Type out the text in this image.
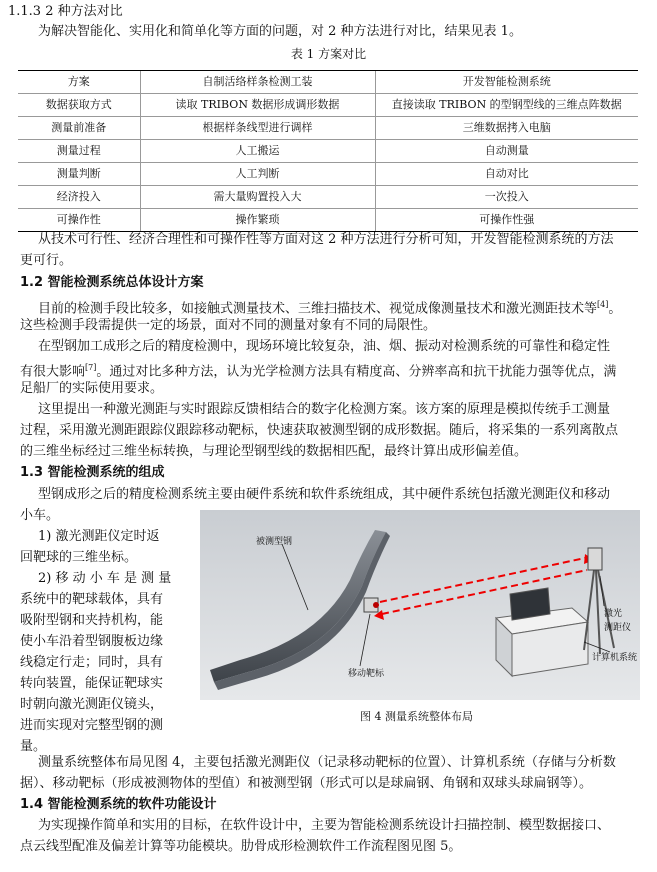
1.1.3 2 种方法对比
为解决智能化、实用化和简单化等方面的问题，对 2 种方法进行对比，结果见表 1。
表 1 方案对比
方案	自制活络样条检测工装	开发智能检测系统
数据获取方式	读取 TRIBON 数据形成调形数据	直接读取 TRIBON 的型钢型线的三维点阵数据
测量前准备	根据样条线型进行调样	三维数据拷入电脑
测量过程	人工搬运	自动测量
测量判断	人工判断	自动对比
经济投入	需大量购置投入大	一次投入
可操作性	操作繁琐	可操作性强
从技术可行性、经济合理性和可操作性等方面对这 2 种方法进行分析可知，开发智能检测系统的方法
更可行。
1.2 智能检测系统总体设计方案
目前的检测手段比较多，如接触式测量技术、三维扫描技术、视觉成像测量技术和激光测距技术等[4]。
这些检测手段需提供一定的场景，面对不同的测量对象有不同的局限性。
在型钢加工成形之后的精度检测中，现场环境比较复杂，油、烟、振动对检测系统的可靠性和稳定性
有很大影响[7]。通过对比多种方法，认为光学检测方法具有精度高、分辨率高和抗干扰能力强等优点，满
足船厂的实际使用要求。
这里提出一种激光测距与实时跟踪反馈相结合的数字化检测方案。该方案的原理是模拟传统手工测量
过程，采用激光测距跟踪仪跟踪移动靶标，快速获取被测型钢的成形数据。随后，将采集的一系列离散点
的三维坐标经过三维坐标转换，与理论型钢型线的数据相匹配，最终计算出成形偏差值。
1.3 智能检测系统的组成
型钢成形之后的精度检测系统主要由硬件系统和软件系统组成，其中硬件系统包括激光测距仪和移动
小车。
1) 激光测距仪定时返
回靶球的三维坐标。
2) 移 动 小 车 是 测 量
系统中的靶球载体，具有
吸附型钢和夹持机构，能
使小车沿着型钢腹板边缘
线稳定行走；同时，具有
转向装置，能保证靶球实
时朝向激光测距仪镜头，
进而实现对完整型钢的测
量。
被测型钢
移动靶标
激光
测距仪
计算机系统
图 4 测量系统整体布局
测量系统整体布局见图 4，主要包括激光测距仪（记录移动靶标的位置）、计算机系统（存储与分析数
据）、移动靶标（形成被测物体的型值）和被测型钢（形式可以是球扁钢、角钢和双球头球扁钢等）。
1.4 智能检测系统的软件功能设计
为实现操作简单和实用的目标，在软件设计中，主要为智能检测系统设计扫描控制、模型数据接口、
点云线型配准及偏差计算等功能模块。肋骨成形检测软件工作流程图见图 5。
